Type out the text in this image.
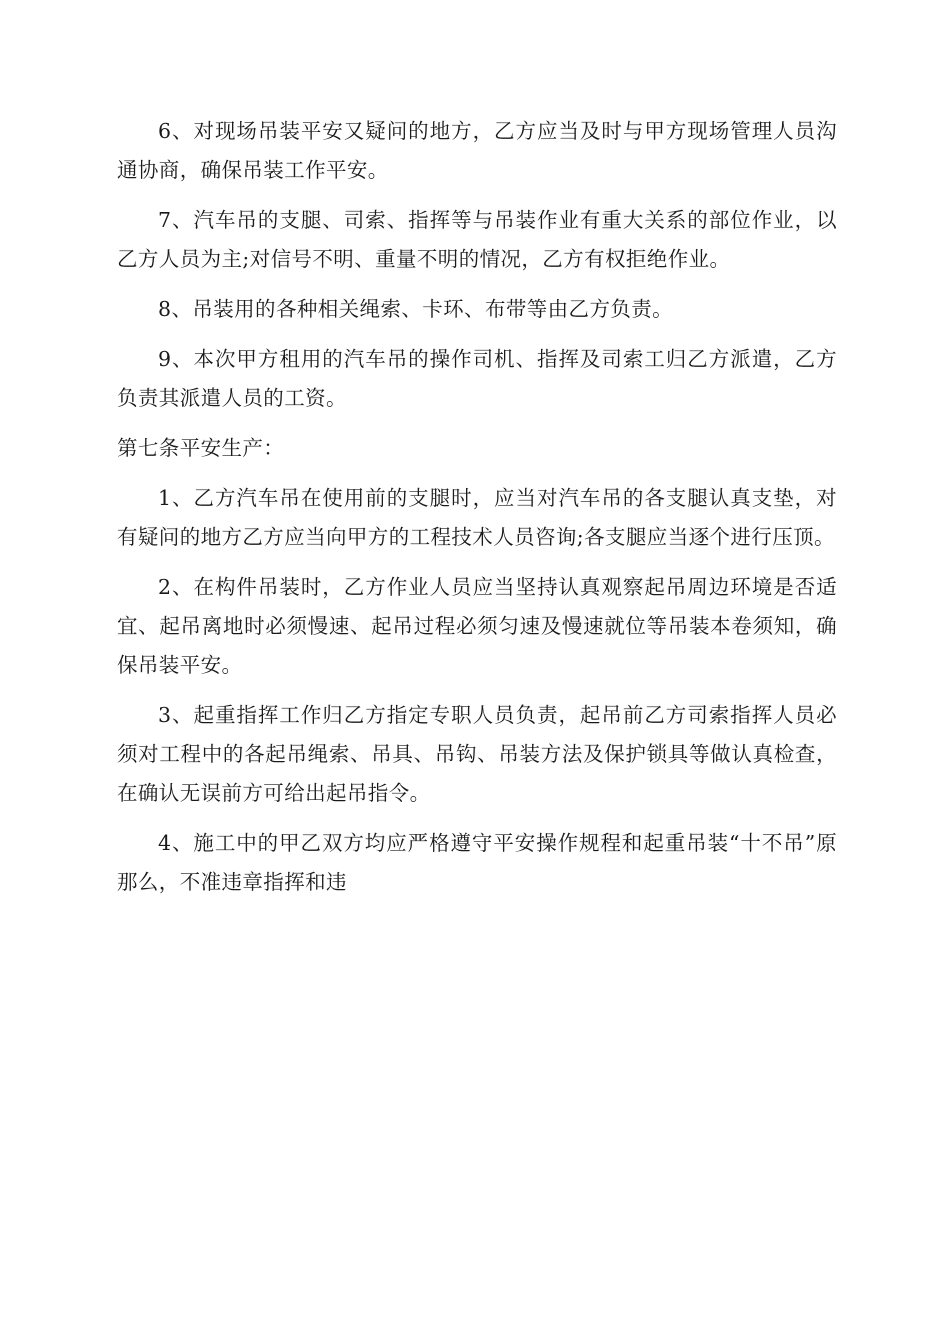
6、对现场吊装平安又疑问的地方，乙方应当及时与甲方现场管理人员沟通协商，确保吊装工作平安。

7、汽车吊的支腿、司索、指挥等与吊装作业有重大关系的部位作业，以乙方人员为主;对信号不明、重量不明的情况，乙方有权拒绝作业。

8、吊装用的各种相关绳索、卡环、布带等由乙方负责。

9、本次甲方租用的汽车吊的操作司机、指挥及司索工归乙方派遣，乙方负责其派遣人员的工资。

第七条平安生产：

1、乙方汽车吊在使用前的支腿时，应当对汽车吊的各支腿认真支垫，对有疑问的地方乙方应当向甲方的工程技术人员咨询;各支腿应当逐个进行压顶。

2、在构件吊装时，乙方作业人员应当坚持认真观察起吊周边环境是否适宜、起吊离地时必须慢速、起吊过程必须匀速及慢速就位等吊装本卷须知，确保吊装平安。

3、起重指挥工作归乙方指定专职人员负责，起吊前乙方司索指挥人员必须对工程中的各起吊绳索、吊具、吊钩、吊装方法及保护锁具等做认真检查，在确认无误前方可给出起吊指令。

4、施工中的甲乙双方均应严格遵守平安操作规程和起重吊装“十不吊”原那么，不准违章指挥和违
